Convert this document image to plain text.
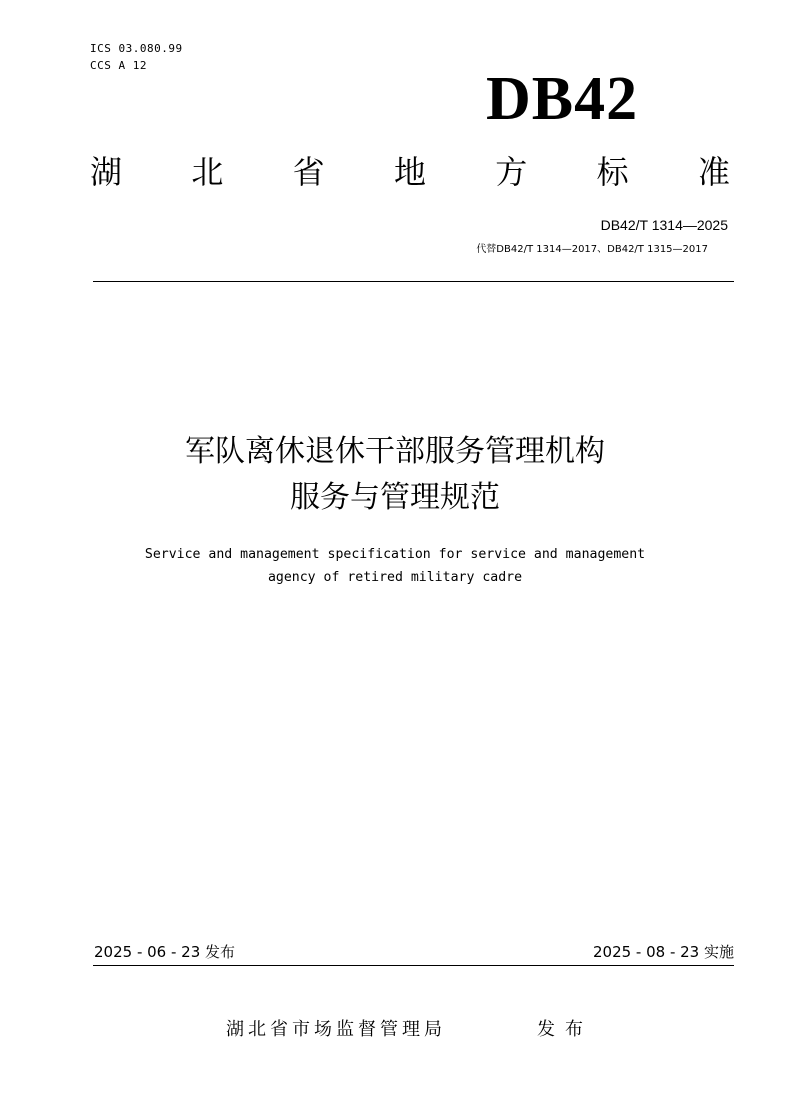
ICS 03.080.99
CCS A 12	DB42
湖 北 省 地 方 标 准
DB42/T 1314—2025
代替DB42/T 1314—2017、DB42/T 1315—2017
军队离休退休干部服务管理机构
服务与管理规范
Service and management specification for service and management
agency of retired military cadre
2025 - 06 - 23 发布	2025 - 08 - 23 实施
湖北省市场监督管理局	发布
